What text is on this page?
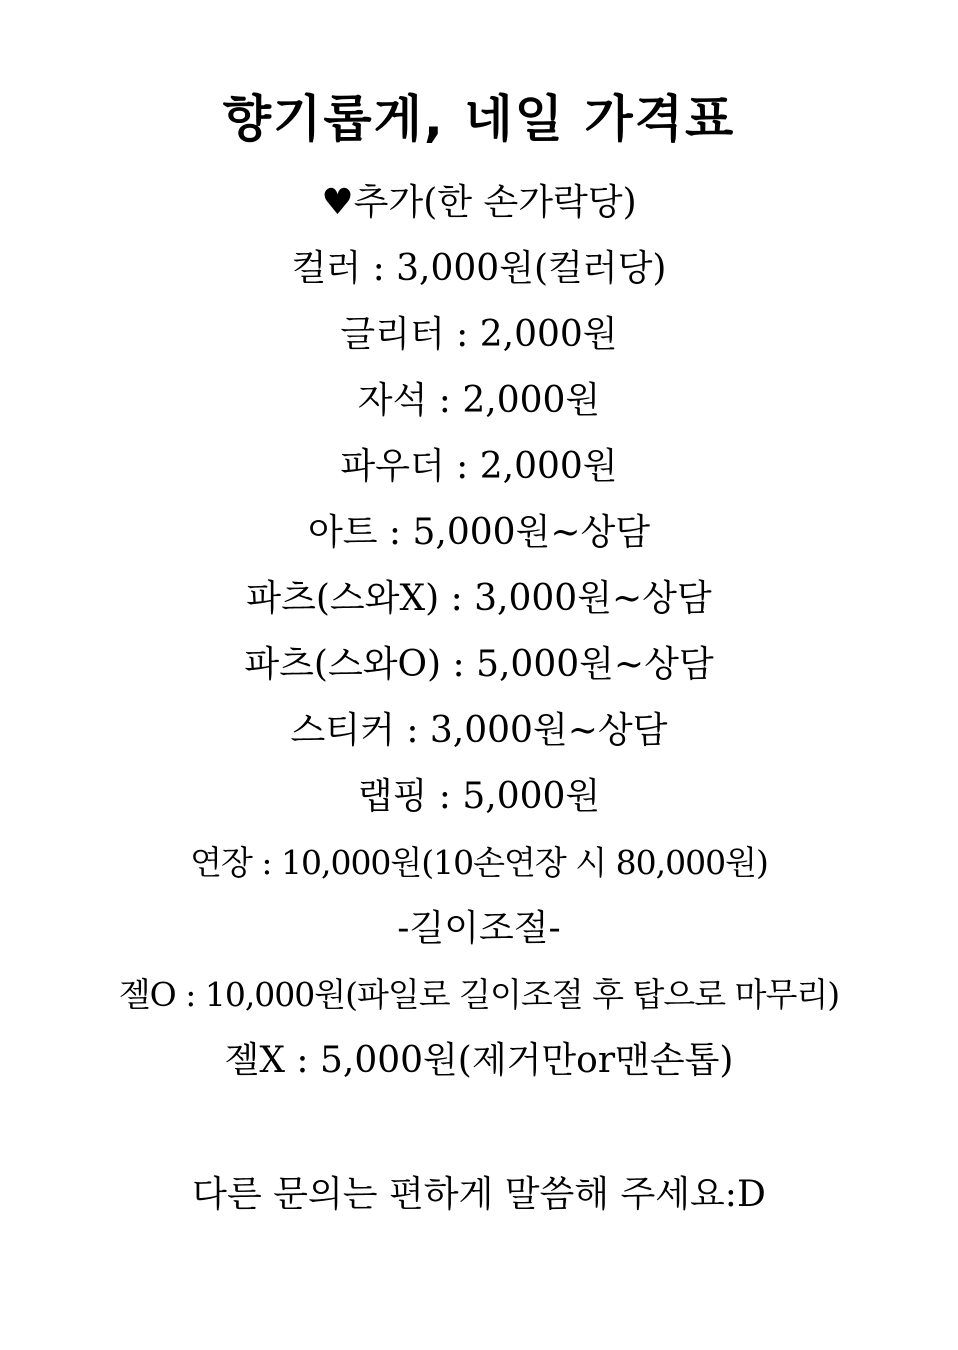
향기롭게, 네일 가격표
♥추가(한 손가락당)
컬러 : 3,000원(컬러당)
글리터 : 2,000원
자석 : 2,000원
파우더 : 2,000원
아트 : 5,000원~상담
파츠(스와X) : 3,000원~상담
파츠(스와O) : 5,000원~상담
스티커 : 3,000원~상담
랩핑 : 5,000원
연장 : 10,000원(10손연장 시 80,000원)
-길이조절-
젤O : 10,000원(파일로 길이조절 후 탑으로 마무리)
젤X : 5,000원(제거만or맨손톱)
다른 문의는 편하게 말씀해 주세요:D
